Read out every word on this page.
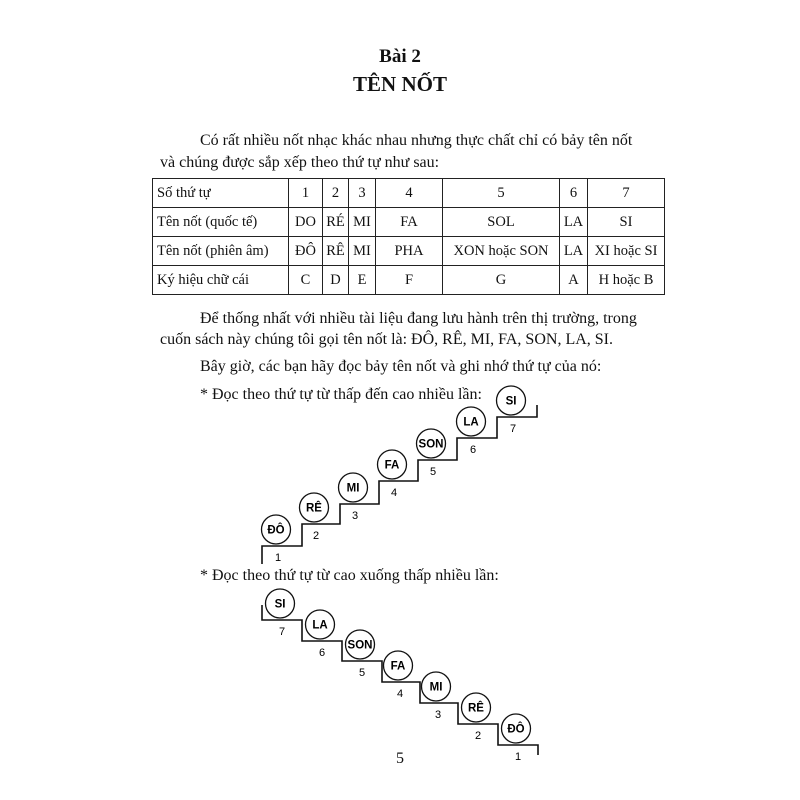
Bài 2
TÊN NỐT
Có rất nhiều nốt nhạc khác nhau nhưng thực chất chỉ có bảy tên nốt
và chúng được sắp xếp theo thứ tự như sau:
Số thứ tự	1	2	3	4	5	6	7
Tên nốt (quốc tế)	DO	RÉ	MI	FA	SOL	LA	SI
Tên nốt (phiên âm)	ĐÔ	RÊ	MI	PHA	XON hoặc SON	LA	XI hoặc SI
Ký hiệu chữ cái	C	D	E	F	G	A	H hoặc B
Để thống nhất với nhiều tài liệu đang lưu hành trên thị trường, trong
cuốn sách này chúng tôi gọi tên nốt là: ĐÔ, RÊ, MI, FA, SON, LA, SI.
Bây giờ, các bạn hãy đọc bảy tên nốt và ghi nhớ thứ tự của nó:
* Đọc theo thứ tự từ thấp đến cao nhiều lần:
* Đọc theo thứ tự từ cao xuống thấp nhiều lần:
ĐÔ
1
RÊ
2
MI
3
FA
4
SON
5
LA
6
SI
7
SI
7
LA
6
SON
5
FA
4
MI
3
RÊ
2
ĐÔ
1
5
